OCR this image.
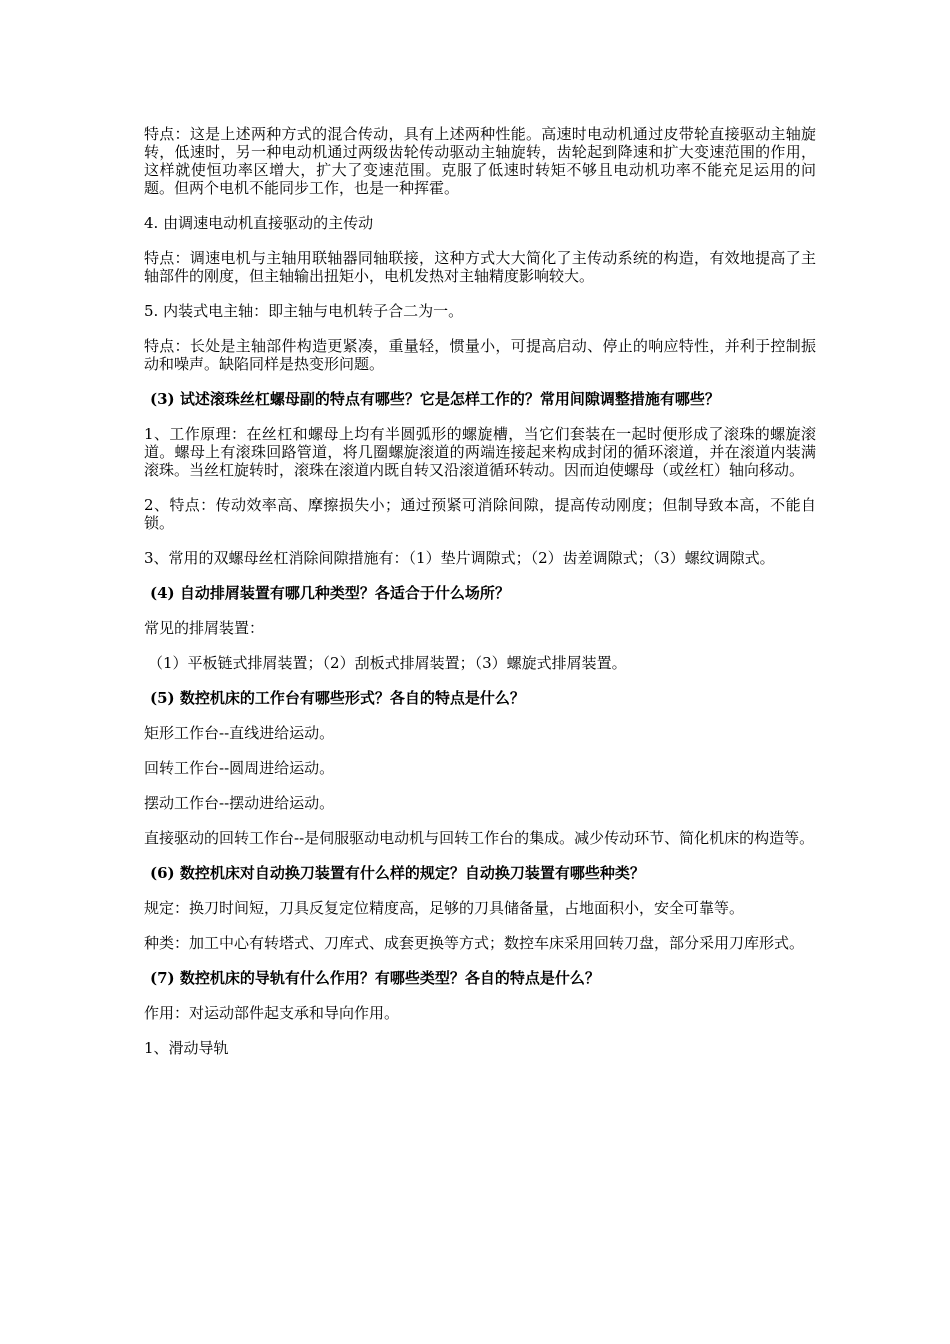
特点：这是上述两种方式的混合传动，具有上述两种性能。高速时电动机通过皮带轮直接驱动主轴旋转，低速时，另一种电动机通过两级齿轮传动驱动主轴旋转，齿轮起到降速和扩大变速范围的作用，这样就使恒功率区增大，扩大了变速范围。克服了低速时转矩不够且电动机功率不能充足运用的问题。但两个电机不能同步工作，也是一种挥霍。

4. 由调速电动机直接驱动的主传动

特点：调速电机与主轴用联轴器同轴联接，这种方式大大简化了主传动系统的构造，有效地提高了主轴部件的刚度，但主轴输出扭矩小，电机发热对主轴精度影响较大。

5. 内装式电主轴：即主轴与电机转子合二为一。

特点：长处是主轴部件构造更紧凑，重量轻，惯量小，可提高启动、停止的响应特性，并利于控制振动和噪声。缺陷同样是热变形问题。

(3) 试述滚珠丝杠螺母副的特点有哪些？它是怎样工作的？常用间隙调整措施有哪些？

1、工作原理：在丝杠和螺母上均有半圆弧形的螺旋槽，当它们套装在一起时便形成了滚珠的螺旋滚道。螺母上有滚珠回路管道，将几圈螺旋滚道的两端连接起来构成封闭的循环滚道，并在滚道内装满滚珠。当丝杠旋转时，滚珠在滚道内既自转又沿滚道循环转动。因而迫使螺母（或丝杠）轴向移动。

2、特点：传动效率高、摩擦损失小；通过预紧可消除间隙，提高传动刚度；但制导致本高，不能自锁。

3、常用的双螺母丝杠消除间隙措施有：（1）垫片调隙式；（2）齿差调隙式；（3）螺纹调隙式。

(4) 自动排屑装置有哪几种类型？各适合于什么场所？

常见的排屑装置：

（1）平板链式排屑装置；（2）刮板式排屑装置；（3）螺旋式排屑装置。

(5) 数控机床的工作台有哪些形式？各自的特点是什么？

矩形工作台--直线进给运动。

回转工作台--圆周进给运动。

摆动工作台--摆动进给运动。

直接驱动的回转工作台--是伺服驱动电动机与回转工作台的集成。减少传动环节、简化机床的构造等。

(6) 数控机床对自动换刀装置有什么样的规定？自动换刀装置有哪些种类？

规定：换刀时间短，刀具反复定位精度高，足够的刀具储备量，占地面积小，安全可靠等。

种类：加工中心有转塔式、刀库式、成套更换等方式；数控车床采用回转刀盘，部分采用刀库形式。

(7) 数控机床的导轨有什么作用？有哪些类型？各自的特点是什么？

作用：对运动部件起支承和导向作用。

1、滑动导轨
